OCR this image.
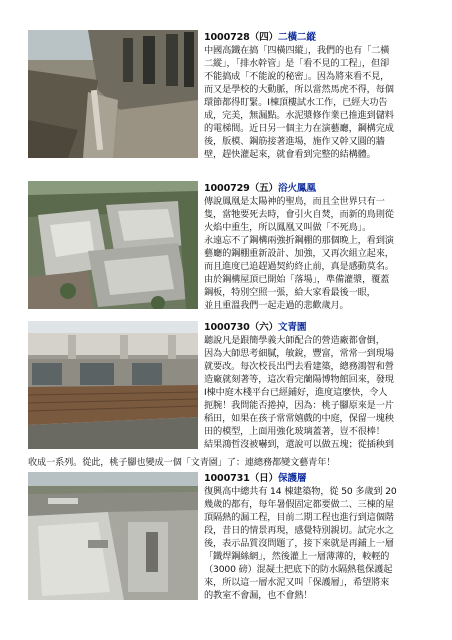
1000728（四）二橫二縱

中國高鐵在搞「四橫四縱」，我們的也有「二橫

二縱」，「排水幹管」是「看不見的工程」，但卻

不能搞成「不能說的秘密」。因為將來看不見，

而又是學校的大動脈，所以當然馬虎不得，每個

環節都得盯緊。Ⅰ棟頂樓試水工作，已經大功告

成，完美，無漏點。水泥漿修作業已推進到儲料

的電梯間。近日另一個主力在演藝廳，鋼構完成

後，版模、鋼筋接著進場，施作又幹又圓的牆

壁，趕快灌起來，就會看到完整的結構體。

1000729（五）浴火鳳凰

傳說鳳凰是太陽神的聖鳥，而且全世界只有一

隻，當牠要死去時，會引火自焚，而新的鳥則從

火焰中重生，所以鳳凰又叫做「不死鳥」。

永遠忘不了鋼構兩強折鋼棚的那個晚上，看到演

藝廳的鋼棚重新設計、加強，又再次組立起來，

而且進度已追趕過契約終止前，真是感動莫名。

由於鋼構屋頂已開始「落場」，準備灌漿，覆蓋

鋼板，特別空照一張，給大家看最後一眼，

並且重溫我們一起走過的悲歡歲月。

1000730（六）文青園

聽說凡是跟簡學義大師配合的營造廠都會倒，

因為大師思考細膩，敏銳，豐富，常常一到現場

就要改。每次校長出門去看建築，總務鴻智和營

造廠就刻著等，這次看完蘭陽博物館回來，發現

Ⅰ棟中庭木棧平台已經鋪好，進度這麼快，令人

扼腕！我問能否捲掉，因為：桃子腳原來是一片

稻田，如果在孩子常常嬉戲的中庭，保留一塊秧

田的模型，上面用強化玻璃蓋著，豈不很棒！

結果鴻哲沒被嚇到，還說可以做五塊；從插秧到

收成一系列。從此，桃子腳也變成一個「文青園」了：連總務都變文藝青年！

1000731（日）保護層

復興高中總共有 14 棟建築物，從 50 多歲到 20

幾歲的都有，每年暑假固定都要做二、三棟的屋

頂隔熱的漏工程，目前二期工程也進行到這個階

段，昔日的情景再現，感覺特別親切。試完水之

後，表示品質沒問題了，接下來就是再鋪上一層

「鐵焊鋼絲網」，然後灌上一層薄薄的，較輕的

（3000 磅）混凝土把底下的防水隔熱毯保護起

來，所以這一層水泥又叫「保護層」，希望將來

的教室不會漏，也不會熱！
